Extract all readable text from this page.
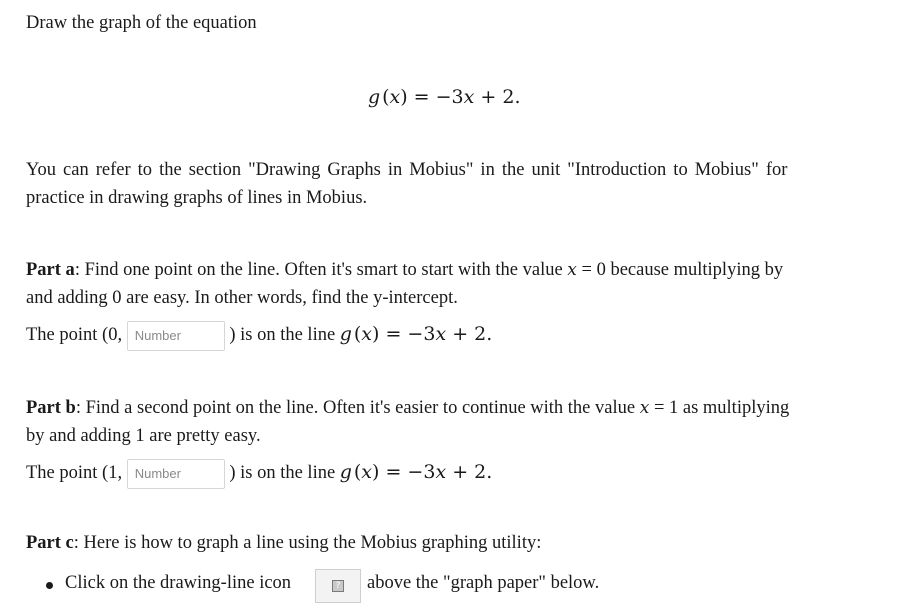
Draw the graph of the equation
g (x) = −3x + 2.
You can refer to the section "Drawing Graphs in Mobius" in the unit "Introduction to Mobius" for
practice in drawing graphs of lines in Mobius.
Part a: Find one point on the line. Often it's smart to start with the value x = 0 because multiplying by
and adding 0 are easy. In other words, find the y-intercept.
The point (0, Number	) is on the line g (x) = −3x + 2.
Part b: Find a second point on the line. Often it's easier to continue with the value x = 1 as multiplying
by and adding 1 are pretty easy.
The point (1, Number	) is on the line g (x) = −3x + 2.
Part c: Here is how to graph a line using the Mobius graphing utility:
Click on the drawing-line icon	? above the "graph paper" below.
